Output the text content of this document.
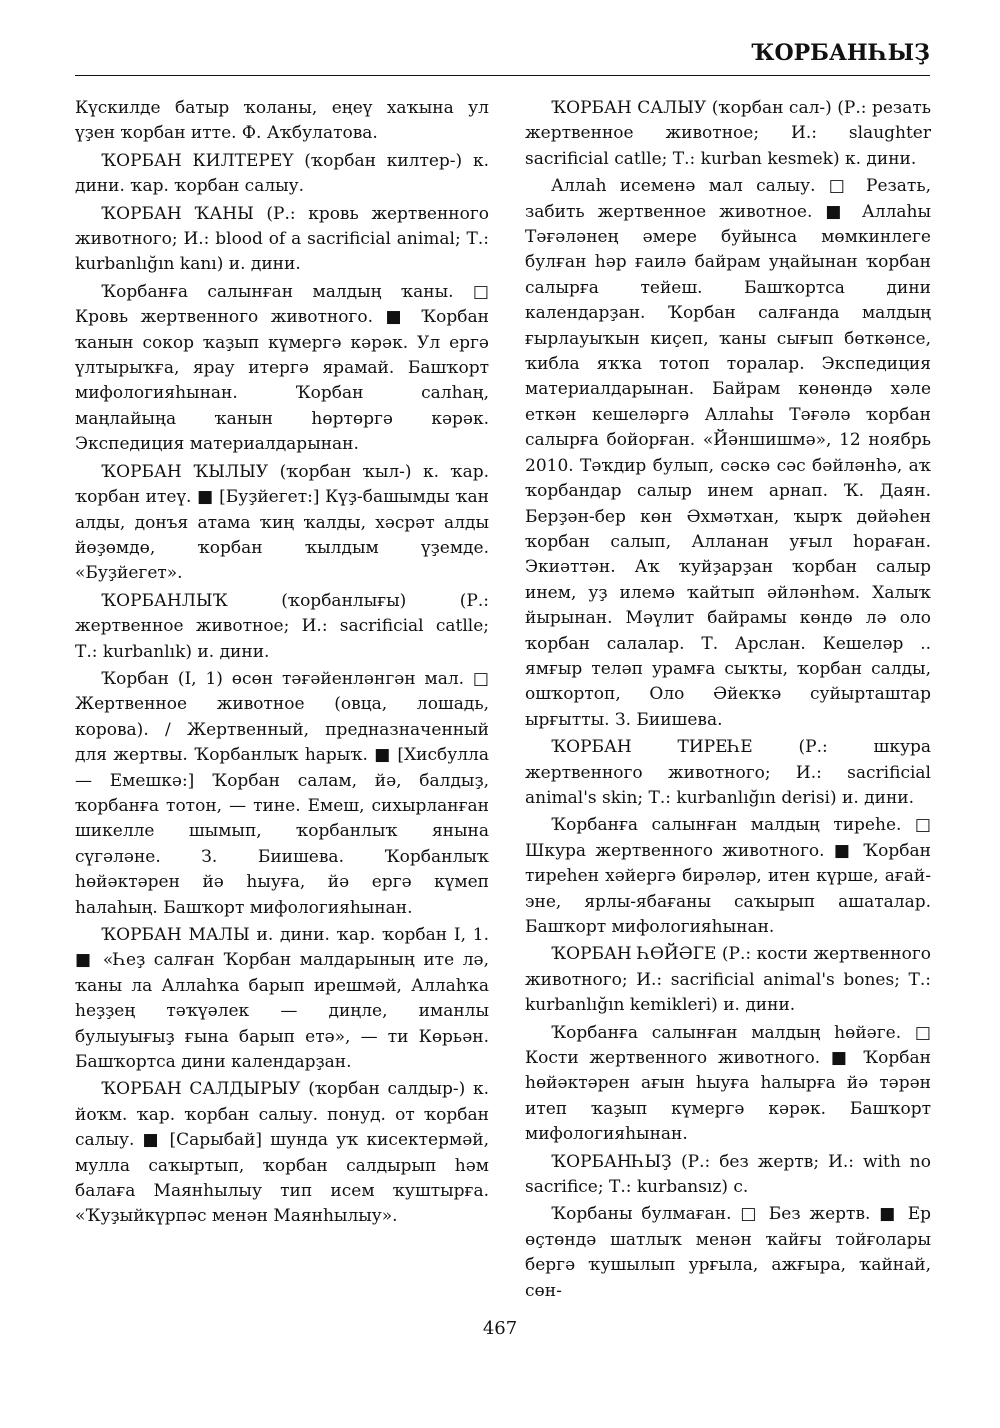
ҠОРБАНҺЫҘ

Күскилде батыр ҡоланы, еңеү хаҡына ул үҙен ҡорбан итте. Ф. Аҡбулатова.

ҠОРБАН КИЛТЕРЕҮ (ҡорбан килтер-) к. дини. ҡар. ҡорбан салыу.

ҠОРБАН ҠАНЫ (Р.: кровь жертвенного животного; И.: blood of a sacrificial animal; Т.: kurbanlığın kanı) и. дини.

Ҡорбанға салынған малдың ҡаны. □ Кровь жертвенного животного. ■ Ҡорбан ҡанын сокор ҡаҙып күмергә кәрәк. Ул ергә үлтырыҡға, ярау итергә ярамай. Башҡорт мифологияһынан. Ҡорбан салһаң, маңлайыңа ҡанын һөртөргә кәрәк. Экспедиция материалдарынан.

ҠОРБАН ҠЫЛЫУ (ҡорбан ҡыл-) к. ҡар. ҡорбан итеү. ■ [Буҙйегет:] Күҙ-башымды ҡан алды, донъя атама ҡиң ҡалды, хәсрәт алды йөҙөмдө, ҡорбан ҡылдым үҙемде. «Буҙйегет».

ҠОРБАНЛЫҠ (ҡорбанлығы) (Р.: жертвенное животное; И.: sacrificial catlle; Т.: kurbanlık) и. дини.

Ҡорбан (I, 1) өсөн тәғәйенләнгән мал. □ Жертвенное животное (овца, лошадь, корова). / Жертвенный, предназначенный для жертвы. Ҡорбанлыҡ һарыҡ. ■ [Хисбулла — Емешкә:] Ҡорбан салам, йә, балдыҙ, ҡорбанға тотон, — тине. Емеш, сихырланған шикелле шымып, ҡорбанлыҡ янына сүгәләне. З. Биишева. Ҡорбанлыҡ һөйәктәрен йә һыуға, йә ергә күмеп һалаһың. Башҡорт мифологияһынан.

ҠОРБАН МАЛЫ и. дини. ҡар. ҡорбан I, 1. ■ «Һеҙ салған Ҡорбан малдарының ите лә, ҡаны ла Аллаһҡа барып ирешмәй, Аллаһҡа һеҙҙең тәҡүәлек — диңле, иманлы булыуығыҙ ғына барып етә», — ти Көрьән. Башҡортса дини календарҙан.

ҠОРБАН САЛДЫРЫУ (ҡорбан салдыр-) к. йоҡм. ҡар. ҡорбан салыу. понуд. от ҡорбан салыу. ■ [Сарыбай] шунда уҡ кисектермәй, мулла саҡыртып, ҡорбан салдырып һәм балаға Маянһылыу тип исем ҡуштырға. «Ҡуҙыйкүрпәс менән Маянһылыу».

ҠОРБАН САЛЫУ (ҡорбан сал-) (Р.: резать жертвенное животное; И.: slaughter sacrificial catlle; Т.: kurban kesmek) к. дини.

Аллаһ исеменә мал салыу. □ Резать, забить жертвенное животное. ■ Аллаһы Тәғәләнең әмере буйынса мөмкинлеге булған һәр ғаилә байрам уңайынан ҡорбан салырға тейеш. Башҡортса дини календарҙан. Ҡорбан салғанда малдың ғырлауыҡын киҫеп, ҡаны сығып бөткәнсе, ҡибла яҡҡа тотоп торалар. Экспедиция материалдарынан. Байрам көнөндә хәле еткән кешеләргә Аллаһы Тәғәлә ҡорбан салырға бойорған. «Йәншишмә», 12 ноябрь 2010. Тәҡдир булып, сәскә сәс бәйләнһә, аҡ ҡорбандар салыр инем арнап. Ҡ. Даян. Берҙән-бер көн Әхмәтхан, ҡырҡ дөйәһен ҡорбан салып, Алланан уғыл һораған. Экиәттән. Аҡ ҡуйҙарҙан ҡорбан салыр инем, уҙ илемә ҡайтып әйләнһәм. Халыҡ йырынан. Мәүлит байрамы көндө лә оло ҡорбан салалар. Т. Арслан. Кешеләр .. ямғыр теләп урамға сыҡты, ҡорбан салды, ошҡортоп, Оло Әйекҡә суйырташтар ырғытты. З. Биишева.

ҠОРБАН ТИРЕҺЕ (Р.: шкура жертвенного животного; И.: sacrificial animal's skin; Т.: kurbanlığın derisi) и. дини.

Ҡорбанға салынған малдың тиреһе. □ Шкура жертвенного животного. ■ Ҡорбан тиреһен хәйергә бирәләр, итен күрше, ағай-эне, ярлы-ябағаны саҡырып ашаталар. Башҡорт мифологияһынан.

ҠОРБАН ҺӨЙӘГЕ (Р.: кости жертвенного животного; И.: sacrificial animal's bones; Т.: kurbanlığın kemikleri) и. дини.

Ҡорбанға салынған малдың һөйәге. □ Кости жертвенного животного. ■ Ҡорбан һөйәктәрен ағын һыуға һалырға йә тәрән итеп ҡаҙып күмергә кәрәк. Башҡорт мифологияһынан.

ҠОРБАНҺЫҘ (Р.: без жертв; И.: with no sacrifice; Т.: kurbansız) с.

Ҡорбаны булмаған. □ Без жертв. ■ Ер өҫтөндә шатлыҡ менән ҡайғы тойғолары бергә ҡушылып урғыла, ажғыра, ҡайнай, сөн-

467
